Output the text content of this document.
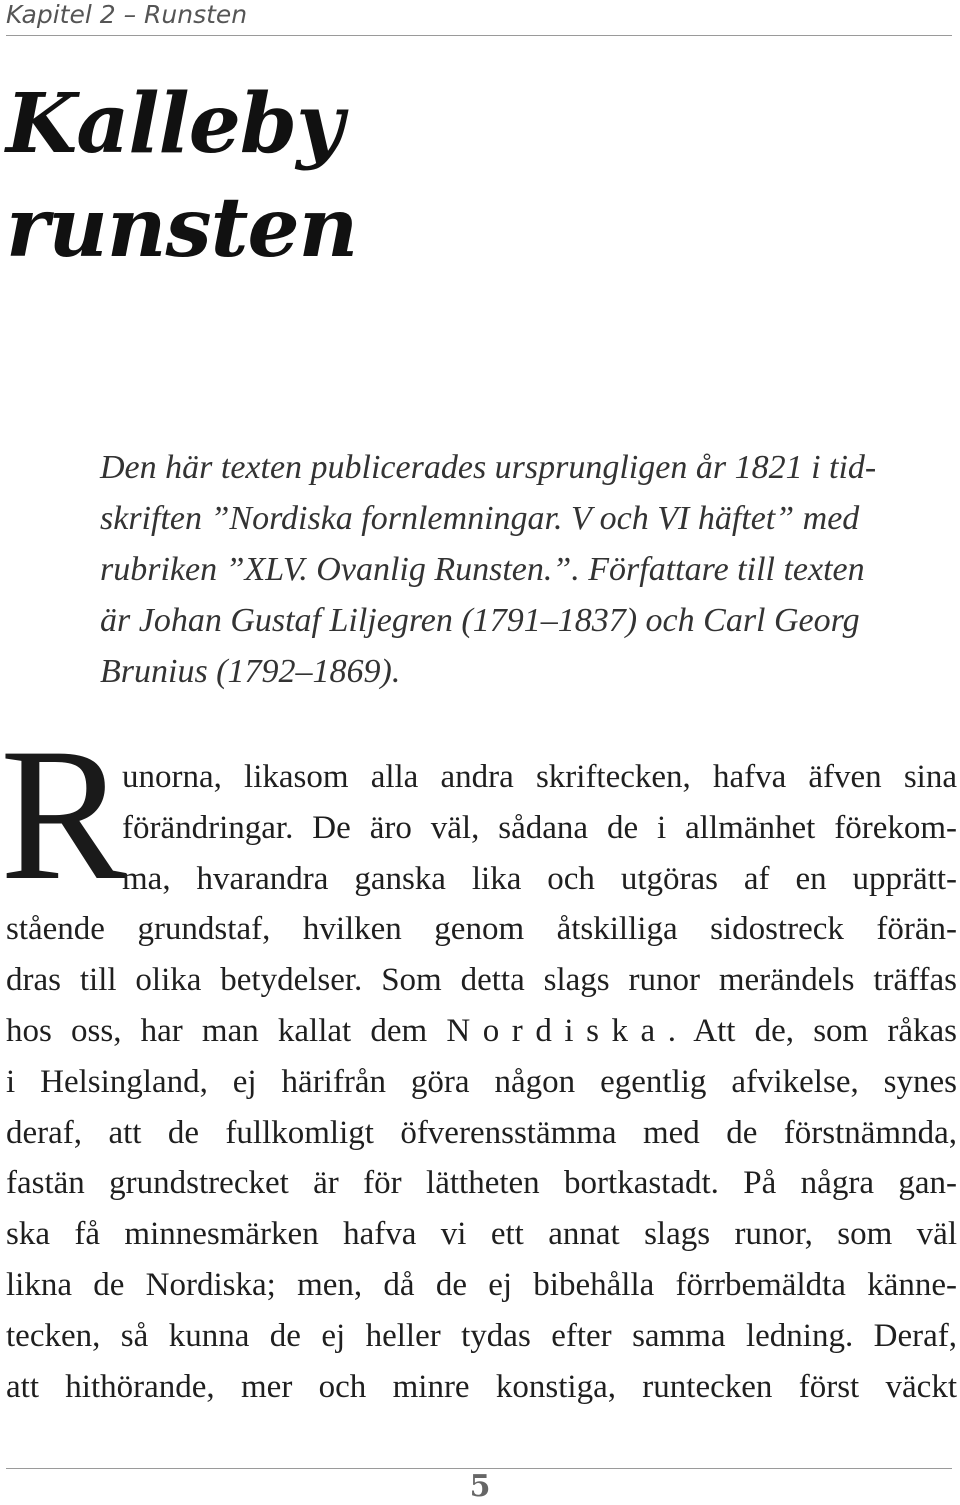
Kapitel 2 – Runsten
Kalleby
runsten

Den här texten publicerades ursprungligen år 1821 i tid-
skriften ”Nordiska fornlemningar. V och VI häftet” med
rubriken ”XLV. Ovanlig Runsten.”. Författare till texten
är Johan Gustaf Liljegren (1791–1837) och Carl Georg
Brunius (1792–1869).

R

unorna, likasom alla andra skriftecken, hafva äfven sina
förändringar. De äro väl, sådana de i allmänhet förekom-
ma, hvarandra ganska lika och utgöras af en upprätt-
stående grundstaf, hvilken genom åtskilliga sidostreck förän-
dras till olika betydelser. Som detta slags runor merändels träffas
hos oss, har man kallat dem Nordiska. Att de, som råkas
i Helsingland, ej härifrån göra någon egentlig afvikelse, synes
deraf, att de fullkomligt öfverensstämma med de förstnämnda,
fastän grundstrecket är för lättheten bortkastadt. På några gan-
ska få minnesmärken hafva vi ett annat slags runor, som väl
likna de Nordiska; men, då de ej bibehålla förrbemäldta känne-
tecken, så kunna de ej heller tydas efter samma ledning. Deraf,
att hithörande, mer och minre konstiga, runtecken först väckt

5
